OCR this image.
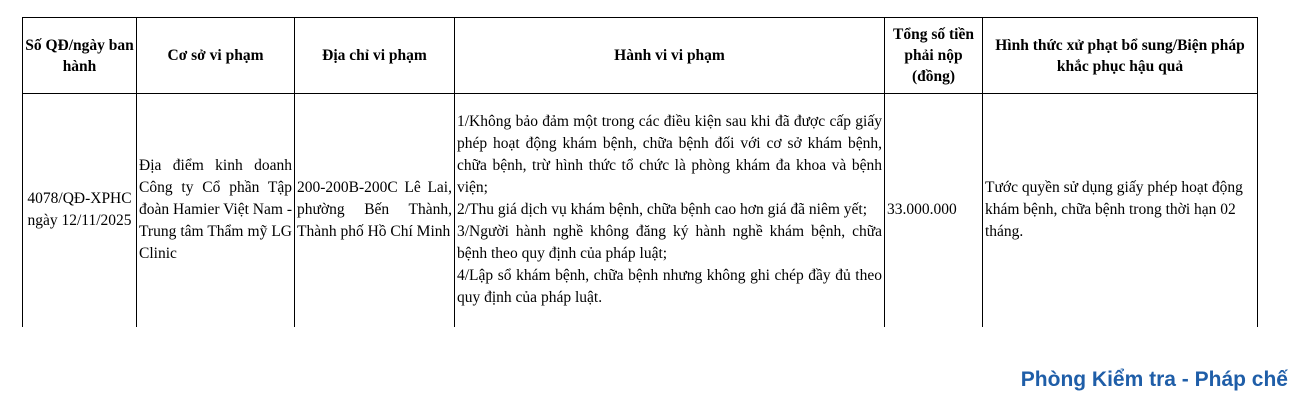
Số QĐ/ngày ban hành	Cơ sở vi phạm	Địa chỉ vi phạm	Hành vi vi phạm	Tổng số tiền phải nộp (đồng)	Hình thức xử phạt bổ sung/Biện pháp khắc phục hậu quả
4078/QĐ-XPHC ngày 12/11/2025	Địa điểm kinh doanh Công ty Cổ phần Tập đoàn Hamier Việt Nam - Trung tâm Thẩm mỹ LG Clinic	200-200B-200C Lê Lai, phường Bến Thành, Thành phố Hồ Chí Minh	1/Không bảo đảm một trong các điều kiện sau khi đã được cấp giấy phép hoạt động khám bệnh, chữa bệnh đối với cơ sở khám bệnh, chữa bệnh, trừ hình thức tổ chức là phòng khám đa khoa và bệnh viện;
2/Thu giá dịch vụ khám bệnh, chữa bệnh cao hơn giá đã niêm yết;
3/Người hành nghề không đăng ký hành nghề khám bệnh, chữa bệnh theo quy định của pháp luật;
4/Lập sổ khám bệnh, chữa bệnh nhưng không ghi chép đầy đủ theo quy định của pháp luật.	33.000.000	Tước quyền sử dụng giấy phép hoạt động khám bệnh, chữa bệnh trong thời hạn 02 tháng.
Phòng Kiểm tra - Pháp chế
